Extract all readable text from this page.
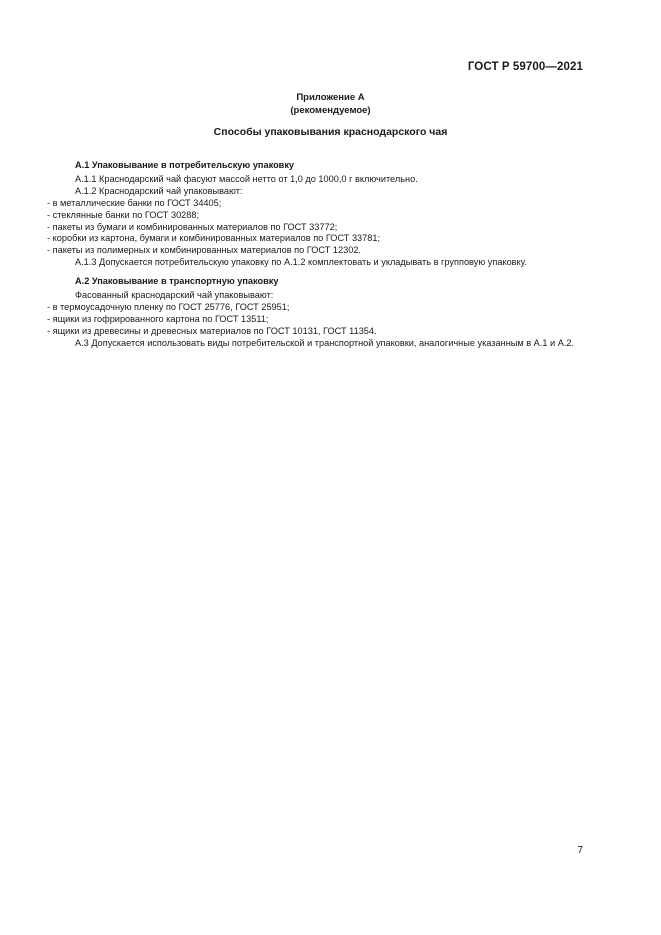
ГОСТ Р 59700—2021
Приложение А
(рекомендуемое)
Способы упаковывания краснодарского чая

А.1 Упаковывание в потребительскую упаковку

А.1.1 Краснодарский чай фасуют массой нетто от 1,0 до 1000,0 г включительно.

А.1.2 Краснодарский чай упаковывают:

- в металлические банки по ГОСТ 34405;

- стеклянные банки по ГОСТ 30288;

- пакеты из бумаги и комбинированных материалов по ГОСТ 33772;

- коробки из картона, бумаги и комбинированных материалов по ГОСТ 33781;

- пакеты из полимерных и комбинированных материалов по ГОСТ 12302.

А.1.3 Допускается потребительскую упаковку по А.1.2 комплектовать и укладывать в групповую упаковку.

А.2 Упаковывание в транспортную упаковку

Фасованный краснодарский чай упаковывают:

- в термоусадочную пленку по ГОСТ 25776, ГОСТ 25951;

- ящики из гофрированного картона по ГОСТ 13511;

- ящики из древесины и древесных материалов по ГОСТ 10131, ГОСТ 11354.

А.3 Допускается использовать виды потребительской и транспортной упаковки, аналогичные указанным в А.1 и А.2.

7
